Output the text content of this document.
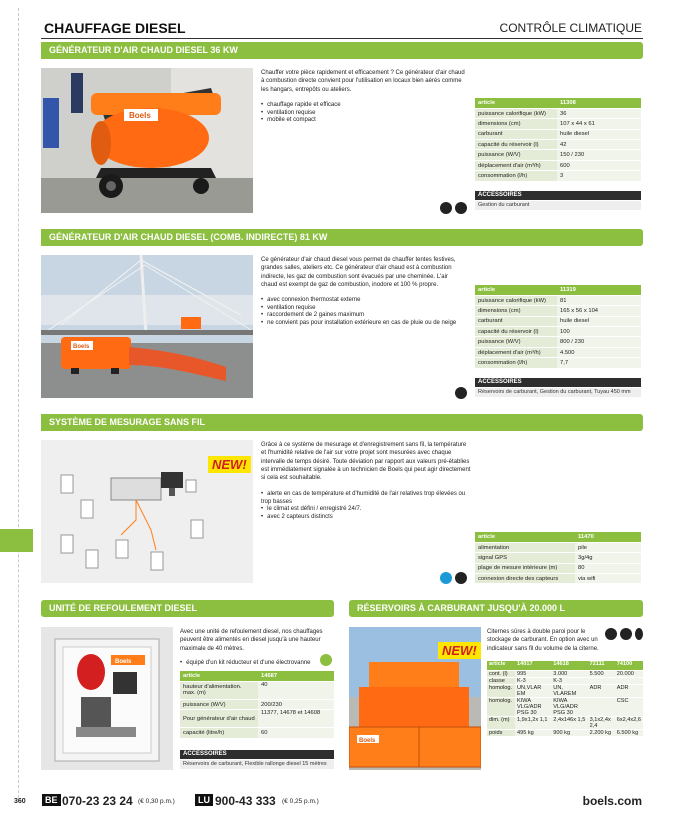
CHAUFFAGE DIESEL	CONTRÔLE CLIMATIQUE
GÉNÉRATEUR D'AIR CHAUD DIESEL 36 KW
Boels
Chauffer votre pièce rapidement et efficacement ? Ce générateur d'air chaud à combustion directe convient pour l'utilisation en locaux bien aérés comme les hangars, entrepôts ou ateliers.
• chauffage rapide et efficace
• ventilation requise
• mobile et compact
article	11308
puissance calorifique (kW)	36
dimensions (cm)	107 x 44 x 61
carburant	huile diesel
capacité du réservoir (l)	42
puissance (W/V)	150 / 230
déplacement d'air (m³/h)	600
consommation (l/h)	3
ACCESSOIRES
Gestion du carburant
GÉNÉRATEUR D'AIR CHAUD DIESEL (COMB. INDIRECTE) 81 KW
Boels
Ce générateur d'air chaud diesel vous permet de chauffer tentes festives, grandes salles, ateliers etc. Ce générateur d'air chaud est à combustion indirecte, les gaz de combustion sont évacués par une cheminée. L'air chaud est exempt de gaz de combustion, inodore et 100 % propre.
• avec connexion thermostat externe
• ventilation requise
• raccordement de 2 gaines maximum
• ne convient pas pour installation extérieure en cas de pluie ou de neige
article	11319
puissance calorifique (kW)	81
dimensions (cm)	165 x 56 x 104
carburant	huile diesel
capacité du réservoir (l)	100
puissance (W/V)	800 / 230
déplacement d'air (m³/h)	4.500
consommation (l/h)	7,7
ACCESSOIRES
Réservoirs de carburant, Gestion du carburant, Tuyau 450 mm
SYSTÈME DE MESURAGE SANS FIL
NEW!
Grâce à ce système de mesurage et d'enregistrement sans fil, la température et l'humidité relative de l'air sur votre projet sont mesurées avec chaque intervalle de temps désiré. Toute déviation par rapport aux valeurs pré-établies est immédiatement signalée à un technicien de Boels qui peut agir directement si cela est souhaitable.
• alerte en cas de température et d'humidité de l'air relatives trop élevées ou trop basses
• le climat est défini / enregistré 24/7.
• avec 2 capteurs distincts
article	11470
alimentation	pile
signal GPS	3g/4g
plage de mesure intérieure (m)	80
connexion directe des capteurs	via wifi
UNITÉ DE REFOULEMENT DIESEL
Boels
Avec une unité de refoulement diesel, nos chauffages peuvent être alimentés en diesel jusqu'à une hauteur maximale de 40 mètres.
• équipé d'un kit réducteur et d'une électrovanne
article	14687
hauteur d'alimentation. max. (m)	40
puissance (W/V)	200/230
Pour générateur d'air chaud	11377, 14678 et 14608
capacité (litre/h)	60
ACCESSOIRES
Réservoirs de carburant, Flexible rallonge diesel 15 mètres
RÉSERVOIRS À CARBURANT JUSQU'À 20.000 L
Boels
NEW!
Citernes sûres à double paroi pour le stockage de carburant. En option avec un indicateur sans fil du volume de la citerne.
article	14017	14618	72111	74100
cont. (l)	995	3.000	5.500	20.000
classe	K-3	K-3		
homolog.	UN,VLAR EM	UN, VLAREM	ADR	ADR
homolog.	KIWA VLG/ADR PSG 30	KIWA VLG/ADR PSG 30		CSC
dim. (m)	1,9x1,2x 1,1	2,4x146x 1,5	3,1x2,4x 2,4	6x2,4x2,6
poids	495 kg	900 kg	2.200 kg	6.500 kg
360	BE 070-23 23 24 (€ 0,30 p.m.)	LU 900-43 333 (€ 0,25 p.m.)	boels.com
